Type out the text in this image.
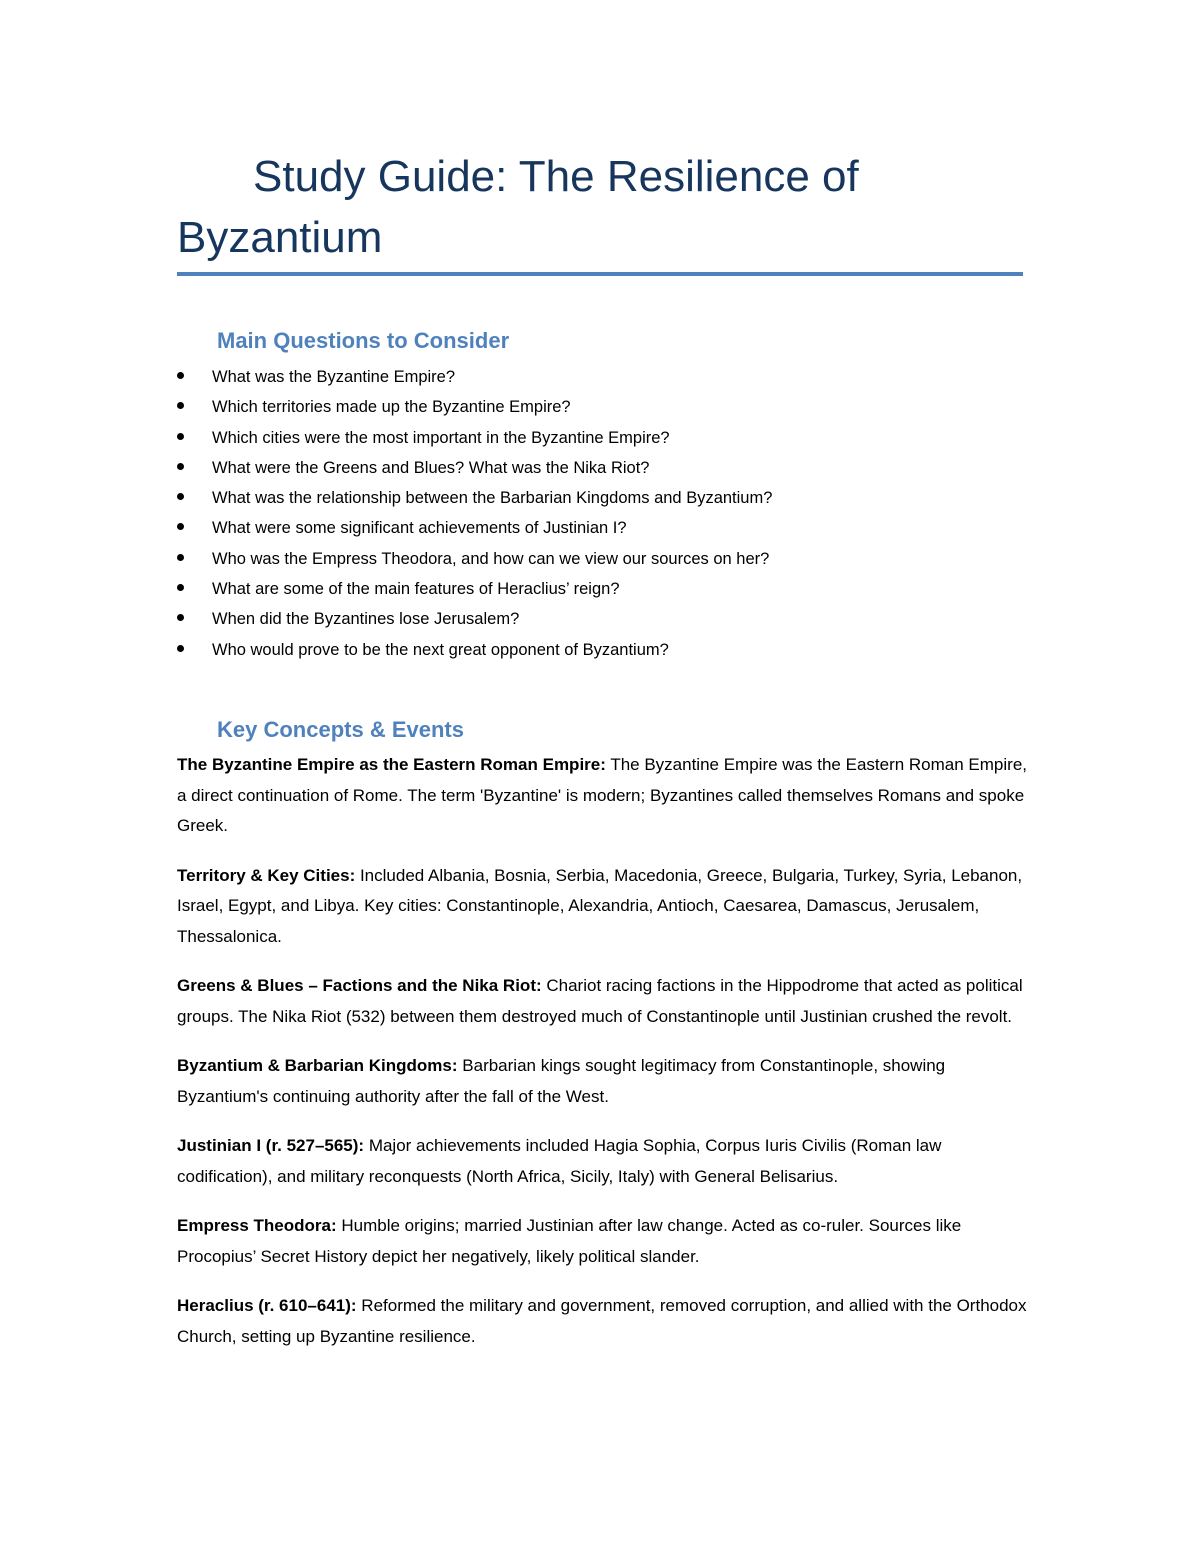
Study Guide: The Resilience of
Byzantium
Main Questions to Consider
What was the Byzantine Empire?
Which territories made up the Byzantine Empire?
Which cities were the most important in the Byzantine Empire?
What were the Greens and Blues? What was the Nika Riot?
What was the relationship between the Barbarian Kingdoms and Byzantium?
What were some significant achievements of Justinian I?
Who was the Empress Theodora, and how can we view our sources on her?
What are some of the main features of Heraclius’ reign?
When did the Byzantines lose Jerusalem?
Who would prove to be the next great opponent of Byzantium?
Key Concepts & Events

The Byzantine Empire as the Eastern Roman Empire: The Byzantine Empire was the Eastern Roman Empire, a direct continuation of Rome. The term 'Byzantine' is modern; Byzantines called themselves Romans and spoke Greek.

Territory & Key Cities: Included Albania, Bosnia, Serbia, Macedonia, Greece, Bulgaria, Turkey, Syria, Lebanon, Israel, Egypt, and Libya. Key cities: Constantinople, Alexandria, Antioch, Caesarea, Damascus, Jerusalem, Thessalonica.

Greens & Blues – Factions and the Nika Riot: Chariot racing factions in the Hippodrome that acted as political groups. The Nika Riot (532) between them destroyed much of Constantinople until Justinian crushed the revolt.

Byzantium & Barbarian Kingdoms: Barbarian kings sought legitimacy from Constantinople, showing Byzantium's continuing authority after the fall of the West.

Justinian I (r. 527–565): Major achievements included Hagia Sophia, Corpus Iuris Civilis (Roman law codification), and military reconquests (North Africa, Sicily, Italy) with General Belisarius.

Empress Theodora: Humble origins; married Justinian after law change. Acted as co-ruler. Sources like Procopius’ Secret History depict her negatively, likely political slander.

Heraclius (r. 610–641): Reformed the military and government, removed corruption, and allied with the Orthodox Church, setting up Byzantine resilience.
